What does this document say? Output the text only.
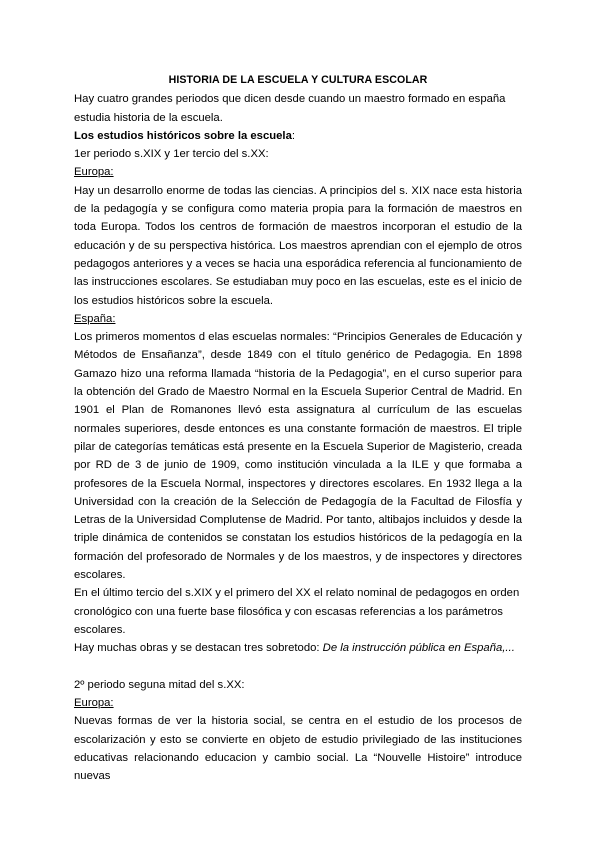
HISTORIA DE LA ESCUELA Y CULTURA ESCOLAR

Hay cuatro grandes periodos que dicen desde cuando un maestro formado en españa estudia historia de la escuela.

Los estudios históricos sobre la escuela:

1er periodo s.XIX y 1er tercio del s.XX:

Europa:

Hay un desarrollo enorme de todas las ciencias. A principios del s. XIX nace esta historia de la pedagogía y se configura como materia propia para la formación de maestros en toda Europa. Todos los centros de formación de maestros incorporan el estudio de la educación y de su perspectiva histórica. Los maestros aprendian con el ejemplo de otros pedagogos anteriores y a veces se hacia una esporádica referencia al funcionamiento de las instrucciones escolares. Se estudiaban muy poco en las escuelas, este es el inicio de los estudios históricos sobre la escuela.

España:

Los primeros momentos d elas escuelas normales: “Principios Generales de Educación y Métodos de Ensañanza”, desde 1849 con el título genérico de Pedagogia. En 1898 Gamazo hizo una reforma llamada “historia de la Pedagogia”, en el curso superior para la obtención del Grado de Maestro Normal en la Escuela Superior Central de Madrid. En 1901 el Plan de Romanones llevó esta assignatura al currículum de las escuelas normales superiores, desde entonces es una constante formación de maestros. El triple pilar de categorías temáticas está presente en la Escuela Superior de Magisterio, creada por RD de 3 de junio de 1909, como institución vinculada a la ILE y que formaba a profesores de la Escuela Normal, inspectores y directores escolares. En 1932 llega a la Universidad con la creación de la Selección de Pedagogía de la Facultad de Filosfía y Letras de la Universidad Complutense de Madrid. Por tanto, altibajos incluidos y desde la triple dinámica de contenidos se constatan los estudios históricos de la pedagogía en la formación del profesorado de Normales y de los maestros, y de inspectores y directores escolares.

En el último tercio del s.XIX y el primero del XX el relato nominal de pedagogos en orden cronológico con una fuerte base filosófica y con escasas referencias a los parámetros escolares.

Hay muchas obras y se destacan tres sobretodo: De la instrucción pública en España,...

2º periodo seguna mitad del s.XX:

Europa:

Nuevas formas de ver la historia social, se centra en el estudio de los procesos de escolarización y esto se convierte en objeto de estudio privilegiado de las instituciones educativas relacionando educacion y cambio social. La “Nouvelle Histoire” introduce nuevas
